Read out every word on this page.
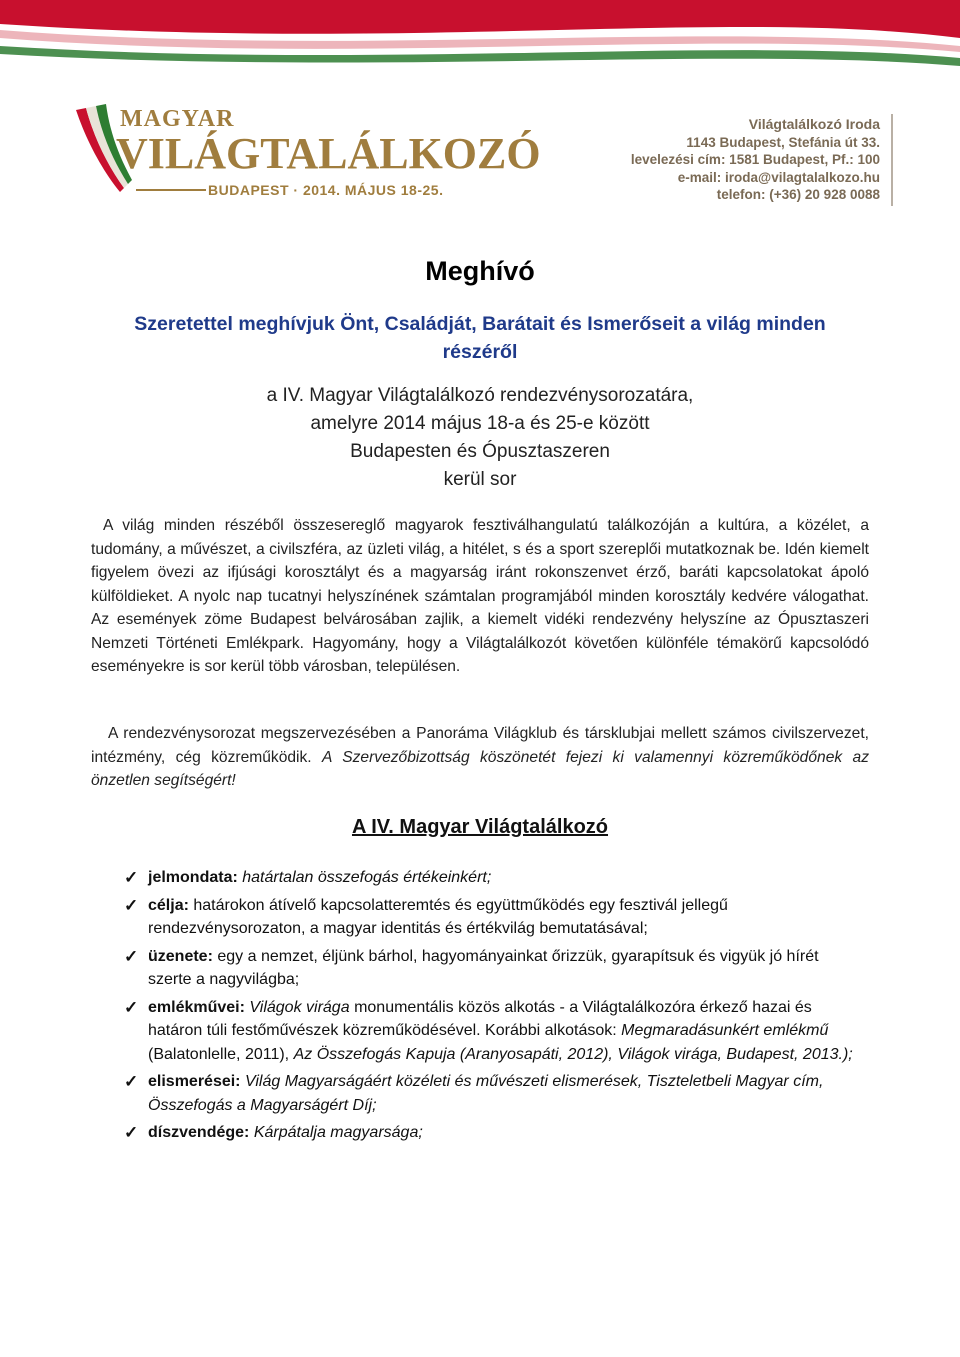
MAGYAR
VILÁGTALÁLKOZÓ
BUDAPEST · 2014. MÁJUS 18-25.
Világtalálkozó Iroda
1143 Budapest, Stefánia út 33.
levelezési cím: 1581 Budapest, Pf.: 100
e-mail: iroda@vilagtalalkozo.hu
telefon: (+36) 20 928 0088
Meghívó
Szeretettel meghívjuk Önt, Családját, Barátait és Ismerőseit a világ minden részéről
a IV. Magyar Világtalálkozó rendezvénysorozatára,
amelyre 2014 május 18-a és 25-e között
Budapesten és Ópusztaszeren
kerül sor
A világ minden részéből összesereglő magyarok fesztiválhangulatú találkozóján a kultúra, a közélet, a tudomány, a művészet, a civilszféra, az üzleti világ, a hitélet, s és a sport szereplői mutatkoznak be. Idén kiemelt figyelem övezi az ifjúsági korosztályt és a magyarság iránt rokonszenvet érző, baráti kapcsolatokat ápoló külföldieket. A nyolc nap tucatnyi helyszínének számtalan programjából minden korosztály kedvére válogathat. Az események zöme Budapest belvárosában zajlik, a kiemelt vidéki rendezvény helyszíne az Ópusztaszeri Nemzeti Történeti Emlékpark. Hagyomány, hogy a Világtalálkozót követően különféle témakörű kapcsolódó eseményekre is sor kerül több városban, településen.
A rendezvénysorozat megszervezésében a Panoráma Világklub és társklubjai mellett számos civilszervezet, intézmény, cég közreműködik. A Szervezőbizottság köszönetét fejezi ki valamennyi közreműködőnek az önzetlen segítségért!
A IV. Magyar Világtalálkozó
✓ jelmondata: határtalan összefogás értékeinkért;
✓ célja: határokon átívelő kapcsolatteremtés és együttműködés egy fesztivál jellegű rendezvénysorozaton, a magyar identitás és értékvilág bemutatásával;
✓ üzenete: egy a nemzet, éljünk bárhol, hagyományainkat őrizzük, gyarapítsuk és vigyük jó hírét szerte a nagyvilágba;
✓ emlékművei: Világok virága monumentális közös alkotás - a Világtalálkozóra érkező hazai és határon túli festőművészek közreműködésével. Korábbi alkotások: Megmaradásunkért emlékmű (Balatonlelle, 2011), Az Összefogás Kapuja (Aranyosapáti, 2012), Világok virága, Budapest, 2013.);
✓ elismerései: Világ Magyarságáért közéleti és művészeti elismerések, Tiszteletbeli Magyar cím, Összefogás a Magyarságért Díj;
✓ díszvendége: Kárpátalja magyarsága;
